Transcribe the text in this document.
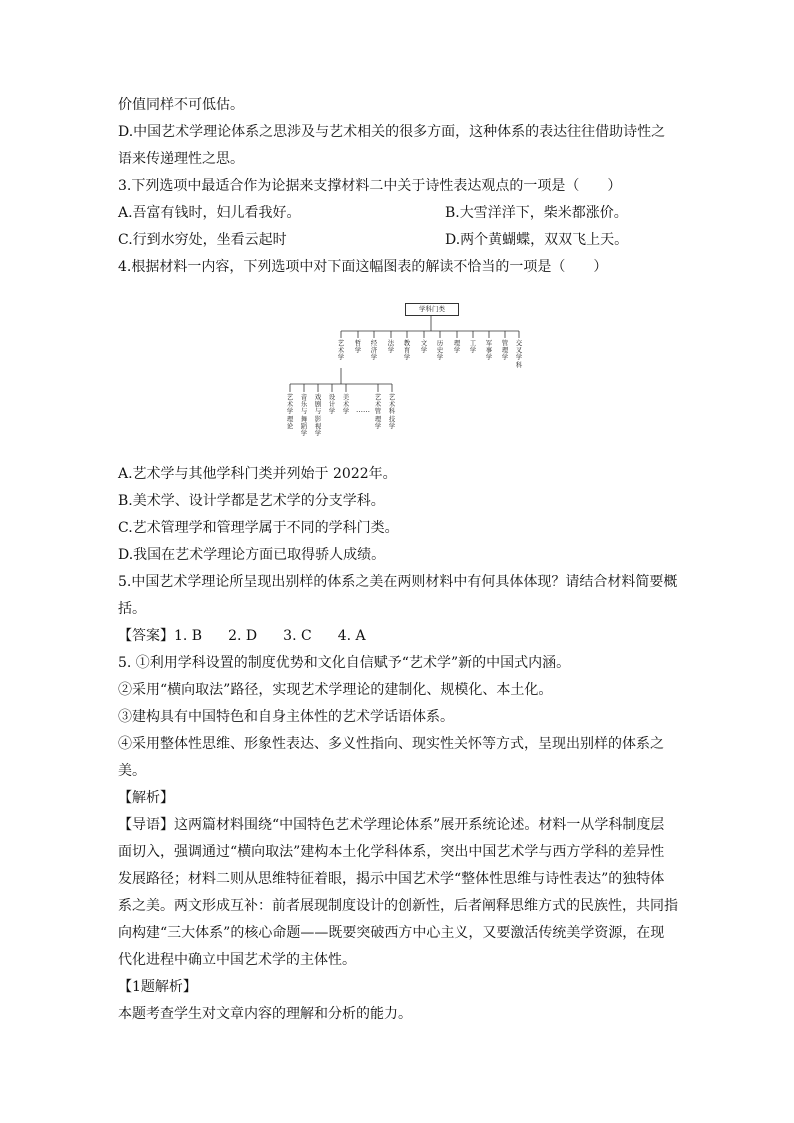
价值同样不可低估。
D.中国艺术学理论体系之思涉及与艺术相关的很多方面，这种体系的表达往往借助诗性之语来传递理性之思。
3.下列选项中最适合作为论据来支撑材料二中关于诗性表达观点的一项是（　　）
A.吾富有钱时，妇儿看我好。	B.大雪洋洋下，柴米都涨价。
C.行到水穷处，坐看云起时	D.两个黄蝴蝶，双双飞上天。
4.根据材料一内容，下列选项中对下面这幅图表的解读不恰当的一项是（　　）
A.艺术学与其他学科门类并列始于 2022年。
B.美术学、设计学都是艺术学的分支学科。
C.艺术管理学和管理学属于不同的学科门类。
D.我国在艺术学理论方面已取得骄人成绩。
5.中国艺术学理论所呈现出别样的体系之美在两则材料中有何具体体现？请结合材料简要概括。
【答案】1. B 2. D 3. C 4. A
5. ①利用学科设置的制度优势和文化自信赋予“艺术学”新的中国式内涵。
②采用“横向取法”路径，实现艺术学理论的建制化、规模化、本土化。
③建构具有中国特色和自身主体性的艺术学话语体系。
④采用整体性思维、形象性表达、多义性指向、现实性关怀等方式，呈现出别样的体系之美。
【解析】
【导语】这两篇材料围绕“中国特色艺术学理论体系”展开系统论述。材料一从学科制度层面切入，强调通过“横向取法”建构本土化学科体系，突出中国艺术学与西方学科的差异性发展路径；材料二则从思维特征着眼，揭示中国艺术学“整体性思维与诗性表达”的独特体系之美。两文形成互补：前者展现制度设计的创新性，后者阐释思维方式的民族性，共同指向构建“三大体系”的核心命题——既要突破西方中心主义，又要激活传统美学资源，在现代化进程中确立中国艺术学的主体性。
【1题解析】
本题考查学生对文章内容的理解和分析的能力。
学科门类
艺术学
哲学
经济学
法学
教育学
文学
历史学
理学
工学
军事学
管理学
交叉学科
艺术学理论
音乐与舞蹈学
戏剧与影视学
设计学
美术学 ……
艺术管理学
艺术科技学
